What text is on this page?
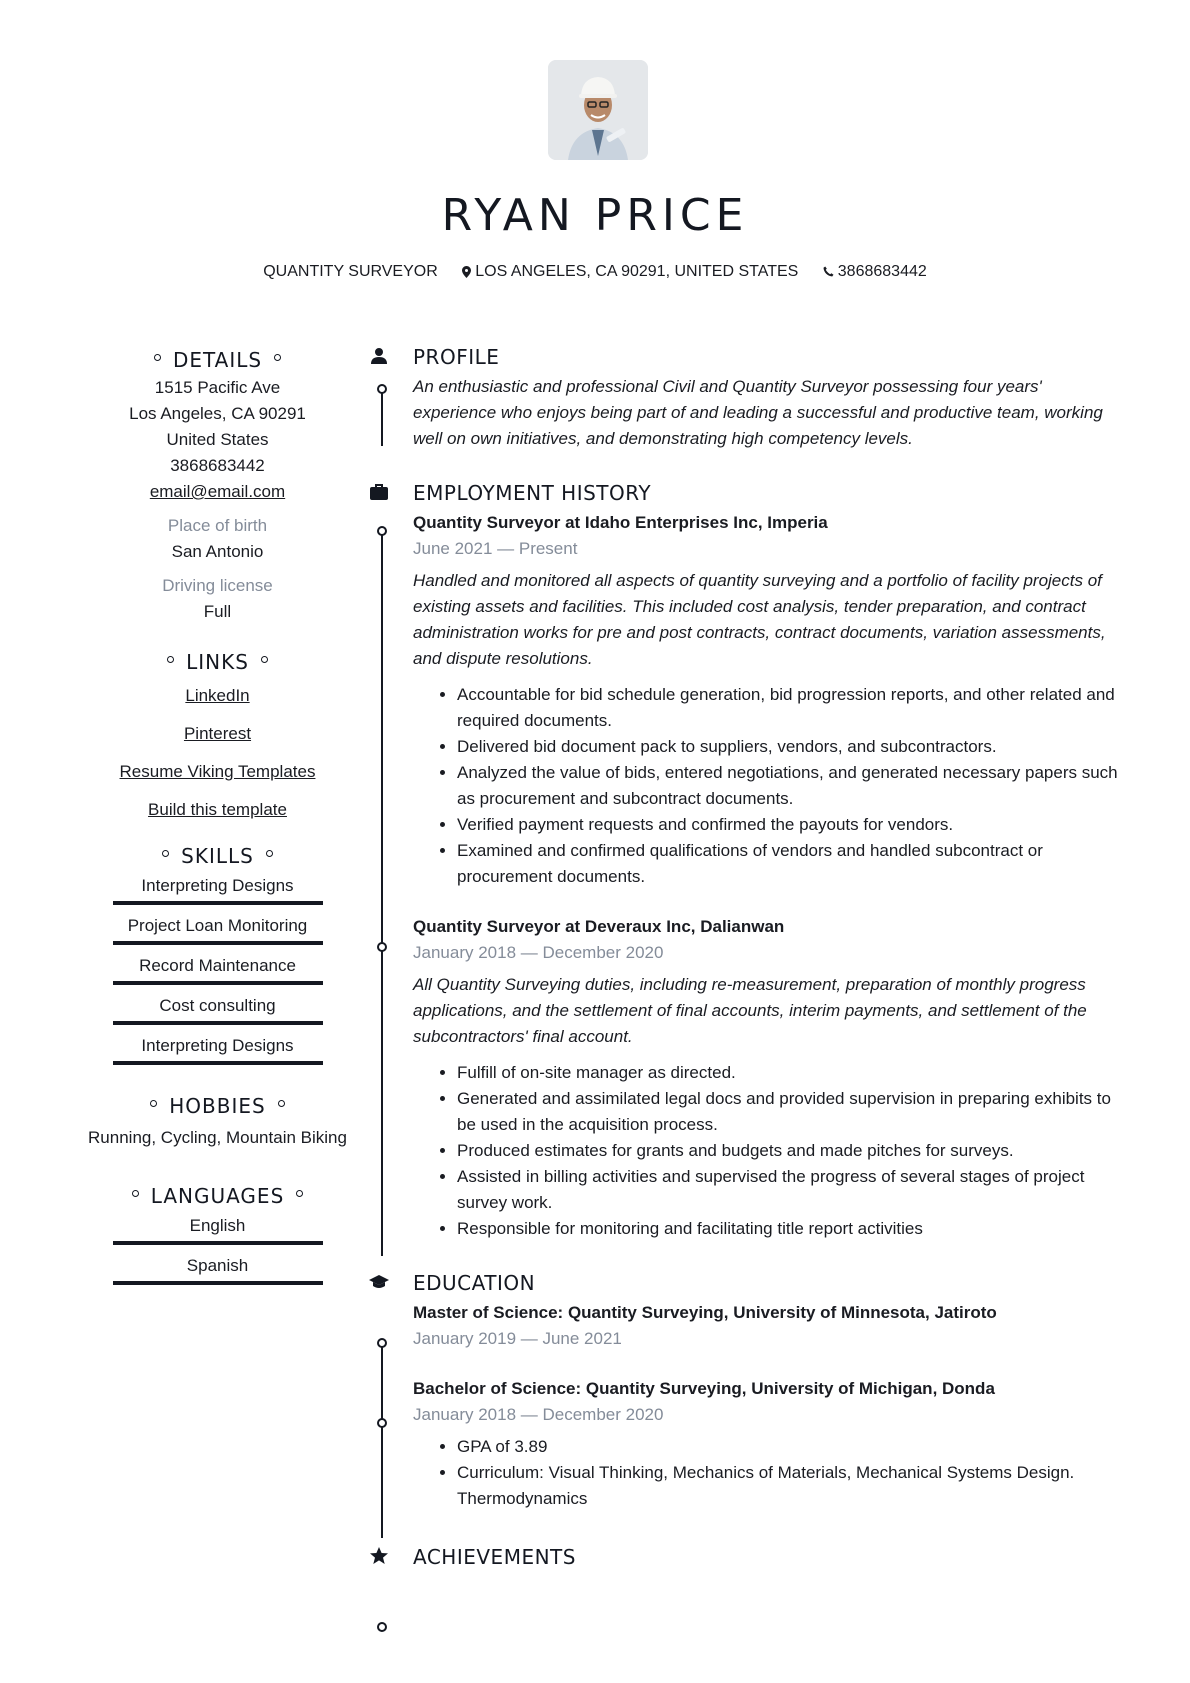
RYAN PRICE
QUANTITY SURVEYOR LOS ANGELES, CA 90291, UNITED STATES 3868683442
DETAILS
1515 Pacific Ave
Los Angeles, CA 90291
United States
3868683442
email@email.com
Place of birth
San Antonio
Driving license
Full
LINKS
LinkedIn
Pinterest
Resume Viking Templates
Build this template
SKILLS
Interpreting Designs
Project Loan Monitoring
Record Maintenance
Cost consulting
Interpreting Designs
HOBBIES
Running, Cycling, Mountain Biking
LANGUAGES
English
Spanish
PROFILE
An enthusiastic and professional Civil and Quantity Surveyor possessing four years' experience who enjoys being part of and leading a successful and productive team, working well on own initiatives, and demonstrating high competency levels.
EMPLOYMENT HISTORY
Quantity Surveyor at Idaho Enterprises Inc, Imperia
June 2021 — Present
Handled and monitored all aspects of quantity surveying and a portfolio of facility projects of existing assets and facilities. This included cost analysis, tender preparation, and contract administration works for pre and post contracts, contract documents, variation assessments, and dispute resolutions.
• Accountable for bid schedule generation, bid progression reports, and other related and required documents.
• Delivered bid document pack to suppliers, vendors, and subcontractors.
• Analyzed the value of bids, entered negotiations, and generated necessary papers such as procurement and subcontract documents.
• Verified payment requests and confirmed the payouts for vendors.
• Examined and confirmed qualifications of vendors and handled subcontract or procurement documents.
Quantity Surveyor at Deveraux Inc, Dalianwan
January 2018 — December 2020
All Quantity Surveying duties, including re-measurement, preparation of monthly progress applications, and the settlement of final accounts, interim payments, and settlement of the subcontractors' final account.
• Fulfill of on-site manager as directed.
• Generated and assimilated legal docs and provided supervision in preparing exhibits to be used in the acquisition process.
• Produced estimates for grants and budgets and made pitches for surveys.
• Assisted in billing activities and supervised the progress of several stages of project survey work.
• Responsible for monitoring and facilitating title report activities
EDUCATION
Master of Science: Quantity Surveying, University of Minnesota, Jatiroto
January 2019 — June 2021
Bachelor of Science: Quantity Surveying, University of Michigan, Donda
January 2018 — December 2020
• GPA of 3.89
• Curriculum: Visual Thinking, Mechanics of Materials, Mechanical Systems Design. Thermodynamics
ACHIEVEMENTS
